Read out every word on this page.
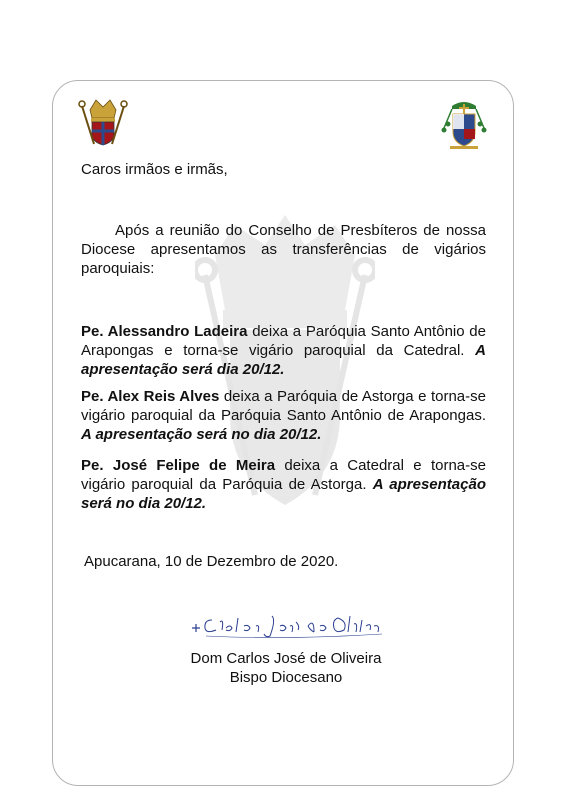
Caros irmãos e irmãs,
Após a reunião do Conselho de Presbíteros de nossa Diocese apresentamos as transferências de vigários paroquiais:
Pe. Alessandro Ladeira deixa a Paróquia Santo Antônio de Arapongas e torna-se vigário paroquial da Catedral. A apresentação será dia 20/12.
Pe. Alex Reis Alves deixa a Paróquia de Astorga e torna-se vigário paroquial da Paróquia Santo Antônio de Arapongas. A apresentação será no dia 20/12.
Pe. José Felipe de Meira deixa a Catedral e torna-se vigário paroquial da Paróquia de Astorga. A apresentação será no dia 20/12.
Apucarana, 10 de Dezembro de 2020.
Dom Carlos José de Oliveira
Bispo Diocesano
